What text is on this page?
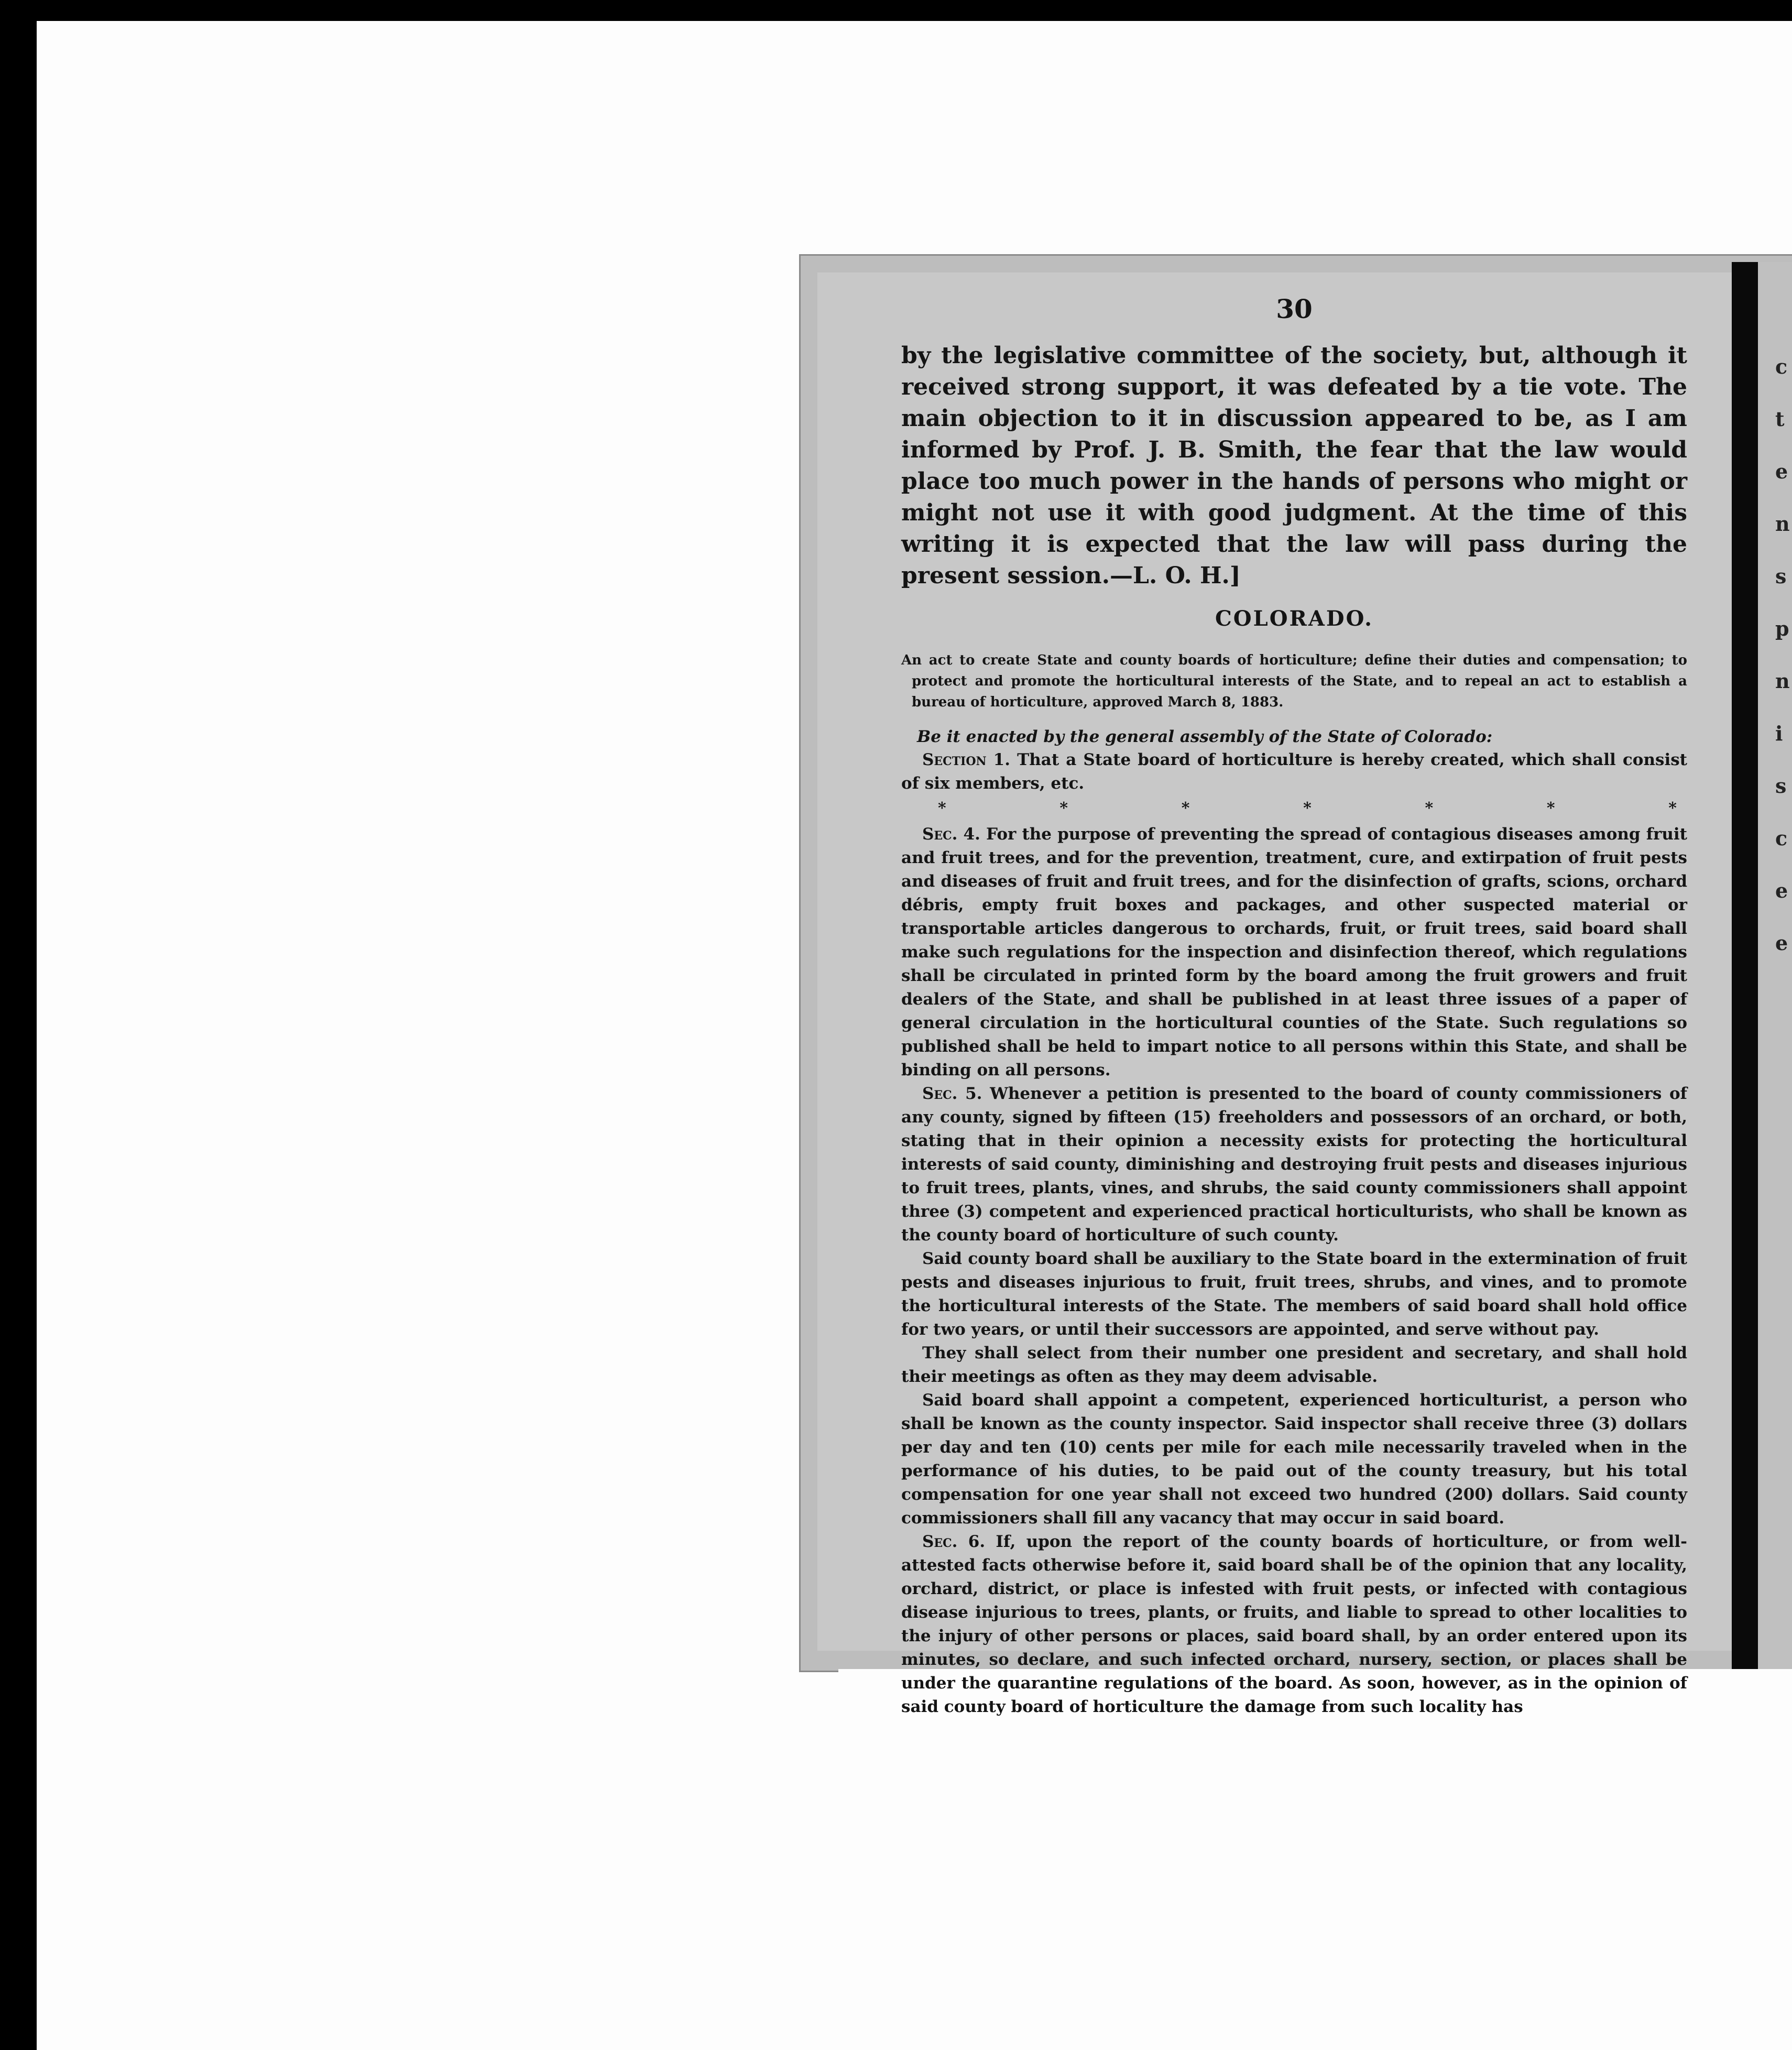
c
t
e
n
s
p
n
i
s
c
e
e
30

by the legislative committee of the society, but, although it received strong support, it was defeated by a tie vote. The main objection to it in discussion appeared to be, as I am informed by Prof. J. B. Smith, the fear that the law would place too much power in the hands of persons who might or might not use it with good judgment. At the time of this writing it is expected that the law will pass during the present session.—L. O. H.]

COLORADO.

An act to create State and county boards of horticulture; define their duties and compensation; to protect and promote the horticultural interests of the State, and to repeal an act to establish a bureau of horticulture, approved March 8, 1883.

Be it enacted by the general assembly of the State of Colorado:

Section 1. That a State board of horticulture is hereby created, which shall consist of six members, etc.

*	*	*	*	*	*	*

Sec. 4. For the purpose of preventing the spread of contagious diseases among fruit and fruit trees, and for the prevention, treatment, cure, and extirpation of fruit pests and diseases of fruit and fruit trees, and for the disinfection of grafts, scions, orchard débris, empty fruit boxes and packages, and other suspected material or transportable articles dangerous to orchards, fruit, or fruit trees, said board shall make such regulations for the inspection and disinfection thereof, which regulations shall be circulated in printed form by the board among the fruit growers and fruit dealers of the State, and shall be published in at least three issues of a paper of general circulation in the horticultural counties of the State. Such regulations so published shall be held to impart notice to all persons within this State, and shall be binding on all persons.

Sec. 5. Whenever a petition is presented to the board of county commissioners of any county, signed by fifteen (15) freeholders and possessors of an orchard, or both, stating that in their opinion a necessity exists for protecting the horticultural interests of said county, diminishing and destroying fruit pests and diseases injurious to fruit trees, plants, vines, and shrubs, the said county commissioners shall appoint three (3) competent and experienced practical horticulturists, who shall be known as the county board of horticulture of such county.

Said county board shall be auxiliary to the State board in the extermination of fruit pests and diseases injurious to fruit, fruit trees, shrubs, and vines, and to promote the horticultural interests of the State. The members of said board shall hold office for two years, or until their successors are appointed, and serve without pay.

They shall select from their number one president and secretary, and shall hold their meetings as often as they may deem advisable.

Said board shall appoint a competent, experienced horticulturist, a person who shall be known as the county inspector. Said inspector shall receive three (3) dollars per day and ten (10) cents per mile for each mile necessarily traveled when in the performance of his duties, to be paid out of the county treasury, but his total compensation for one year shall not exceed two hundred (200) dollars. Said county commissioners shall fill any vacancy that may occur in said board.

Sec. 6. If, upon the report of the county boards of horticulture, or from well-attested facts otherwise before it, said board shall be of the opinion that any locality, orchard, district, or place is infested with fruit pests, or infected with contagious disease injurious to trees, plants, or fruits, and liable to spread to other localities to the injury of other persons or places, said board shall, by an order entered upon its minutes, so declare, and such infected orchard, nursery, section, or places shall be under the quarantine regulations of the board. As soon, however, as in the opinion of said county board of horticulture the damage from such locality has
